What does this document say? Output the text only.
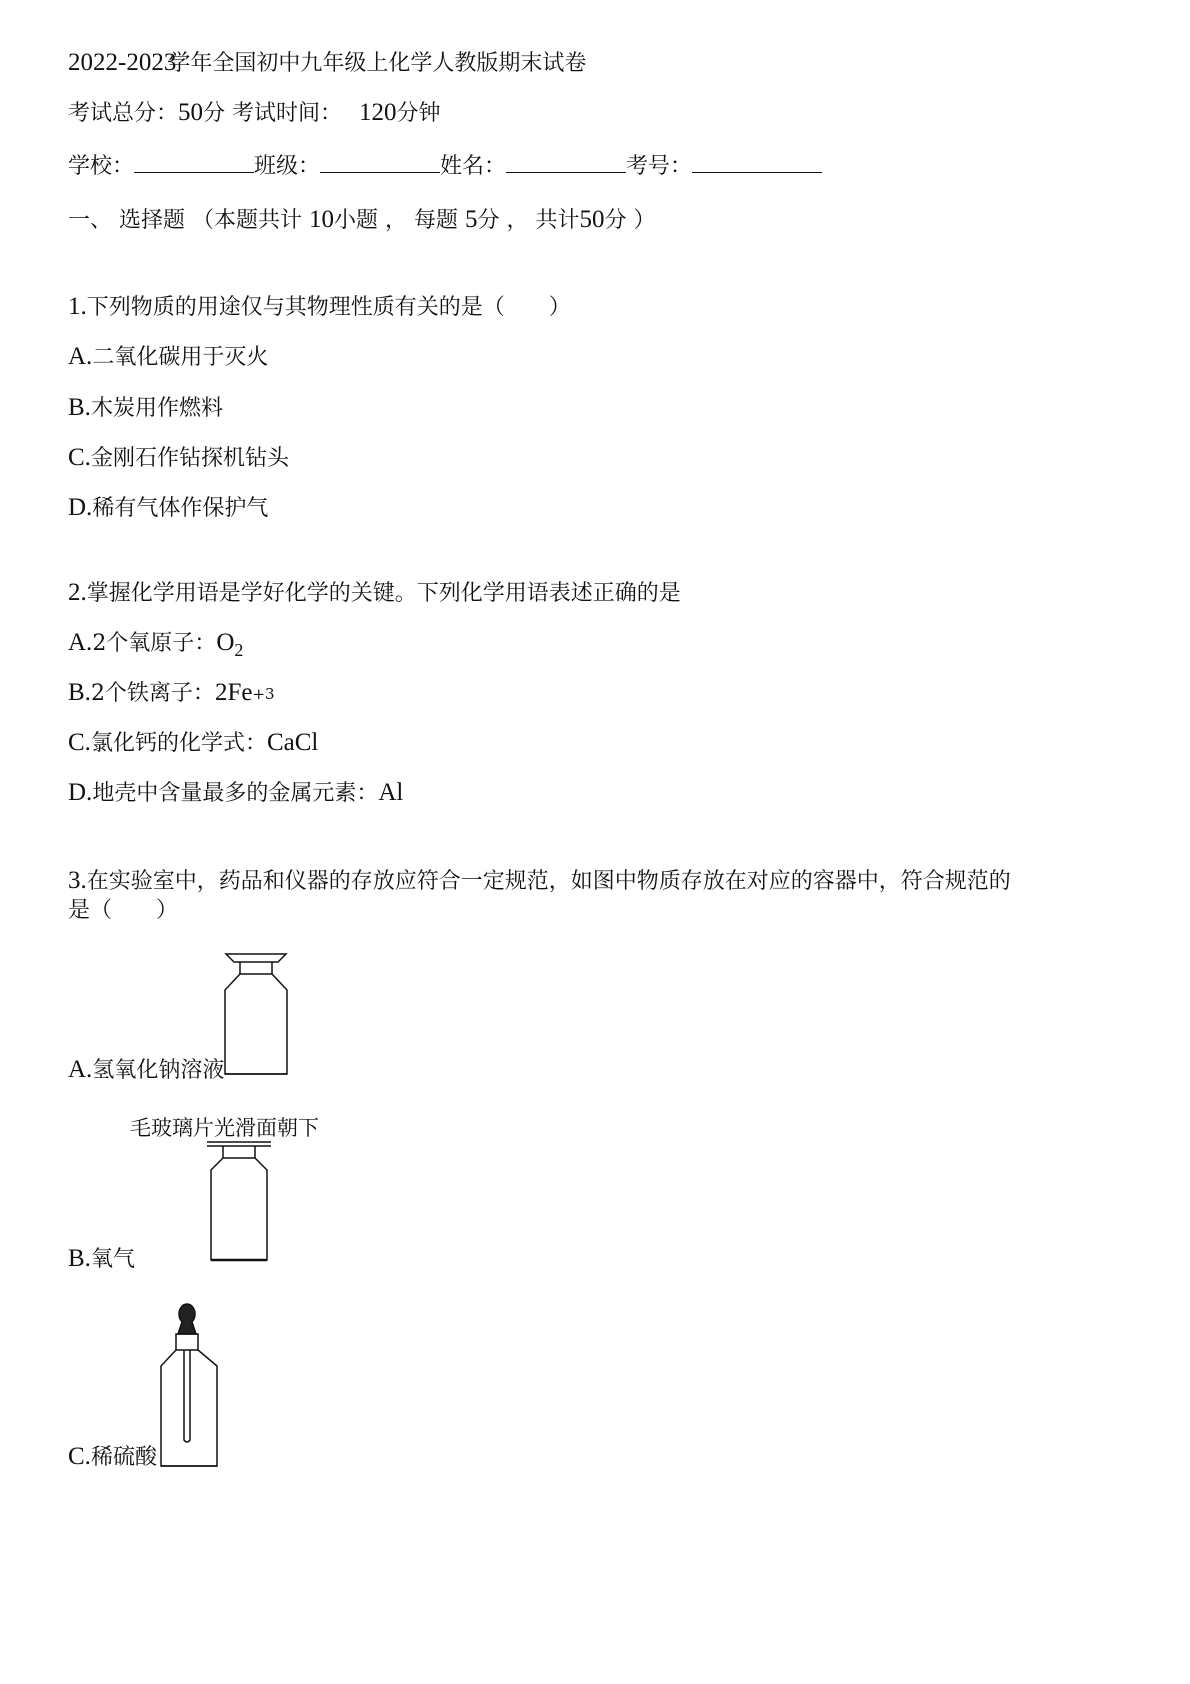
2022-2023学年全国初中九年级上化学人教版期末试卷
考试总分：50分 考试时间： 120分钟
学校：	班级：	姓名：	考号：
一、 选择题 （本题共计 10小题 ， 每题 5分 ， 共计50分 ）
1.下列物质的用途仅与其物理性质有关的是（　　）
A.二氧化碳用于灭火
B.木炭用作燃料
C.金刚石作钻探机钻头
D.稀有气体作保护气
2.掌握化学用语是学好化学的关键。下列化学用语表述正确的是
A.2个氧原子：$O_2$
B.2个铁离子：$2Fe^{+3}$
C.氯化钙的化学式：CaCl
D.地壳中含量最多的金属元素：Al
3.在实验室中，药品和仪器的存放应符合一定规范，如图中物质存放在对应的容器中，符合规范的
是（　　）
A.氢氧化钠溶液
毛玻璃片光滑面朝下
B.氧气
C.稀硫酸
